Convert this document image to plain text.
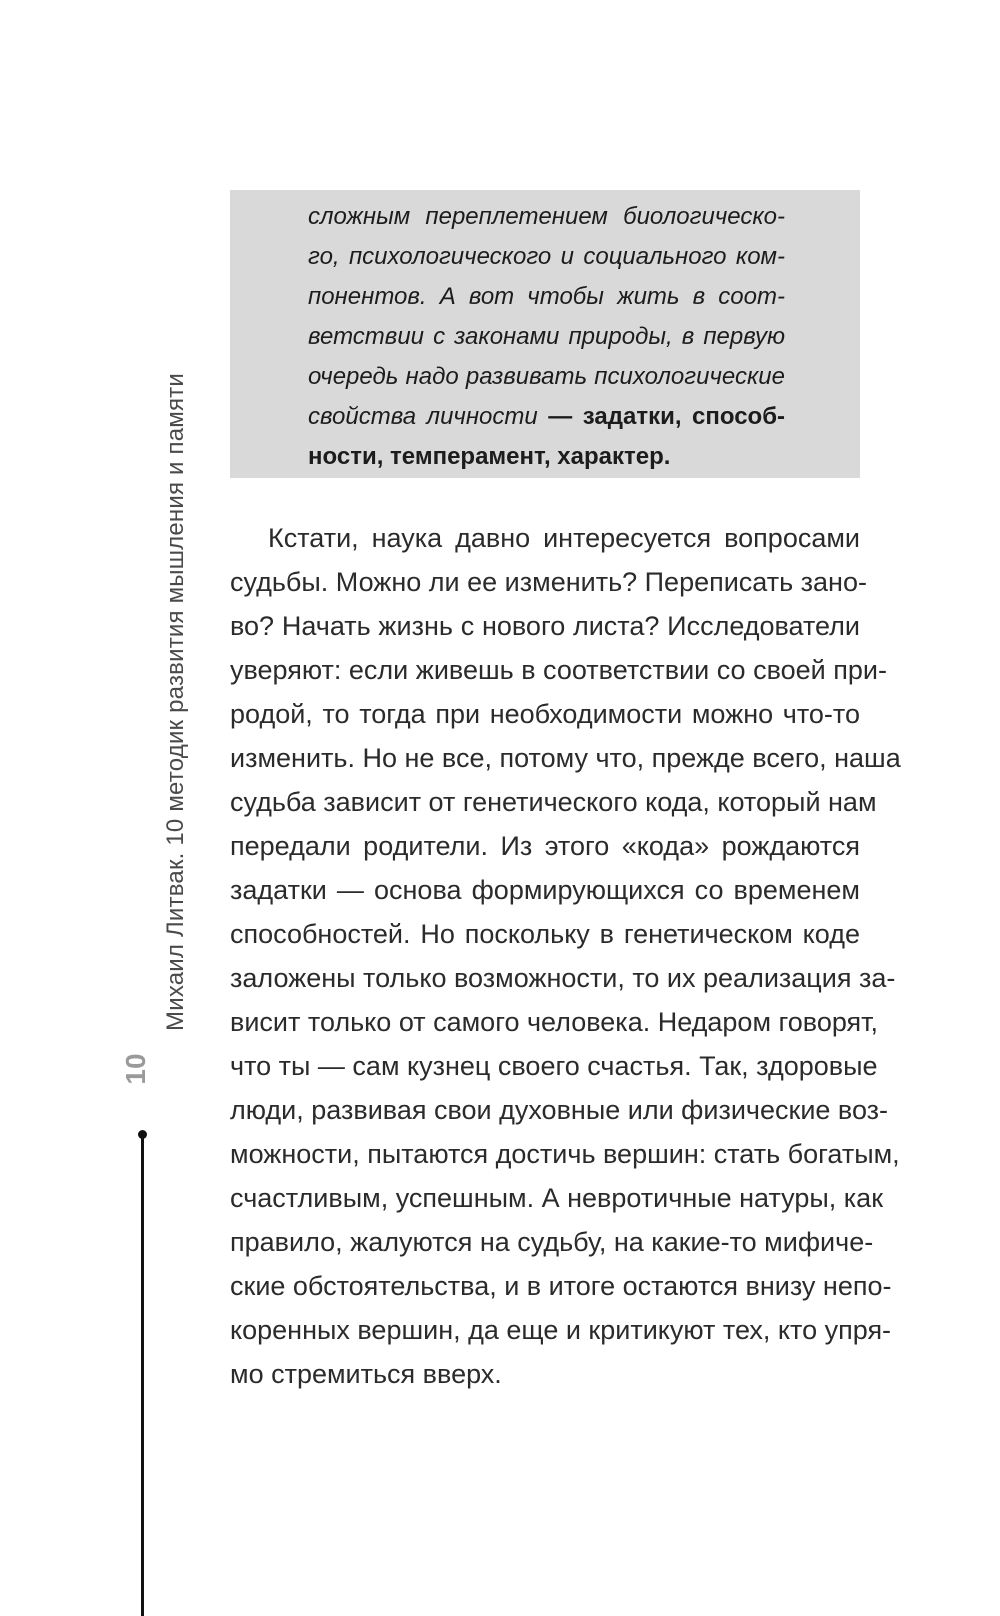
Михаил Литвак. 10 методик развития мышления и памяти
10

сложным переплетением биологическо-
го, психологического и социального ком-
понентов. А вот чтобы жить в соот-
ветствии с законами природы, в первую
очередь надо развивать психологические
свойства личности — задатки, способ-
ности, темперамент, характер.

Кстати, наука давно интересуется вопросами
судьбы. Можно ли ее изменить? Переписать зано-
во? Начать жизнь с нового листа? Исследователи
уверяют: если живешь в соответствии со своей при-
родой, то тогда при необходимости можно что-то
изменить. Но не все, потому что, прежде всего, наша
судьба зависит от генетического кода, который нам
передали родители. Из этого «кода» рождаются
задатки — основа формирующихся со временем
способностей. Но поскольку в генетическом коде
заложены только возможности, то их реализация за-
висит только от самого человека. Недаром говорят,
что ты — сам кузнец своего счастья. Так, здоровые
люди, развивая свои духовные или физические воз-
можности, пытаются достичь вершин: стать богатым,
счастливым, успешным. А невротичные натуры, как
правило, жалуются на судьбу, на какие-то мифиче-
ские обстоятельства, и в итоге остаются внизу непо-
коренных вершин, да еще и критикуют тех, кто упря-
мо стремиться вверх.
